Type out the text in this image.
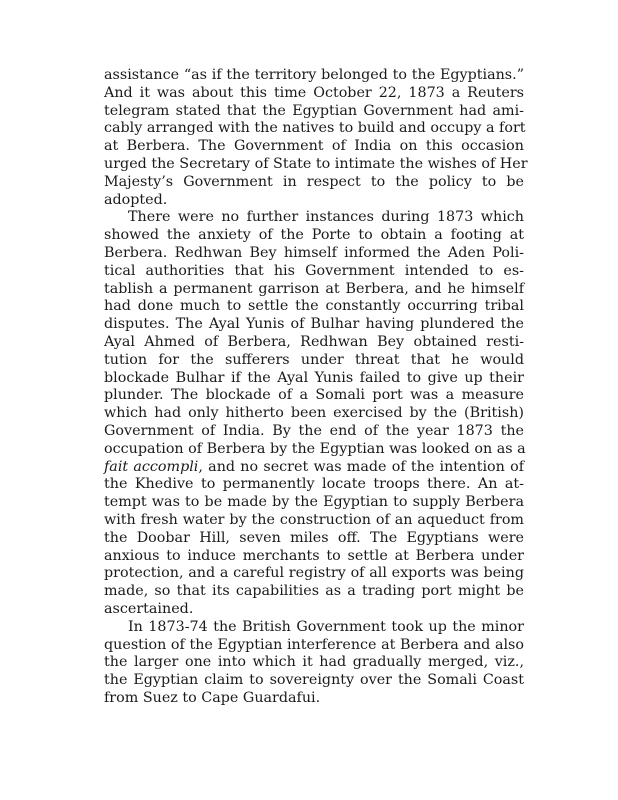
assistance “as if the territory belonged to the Egyptians.”
And it was about this time October 22, 1873 a Reuters
telegram stated that the Egyptian Government had ami-
cably arranged with the natives to build and occupy a fort
at Berbera. The Government of India on this occasion
urged the Secretary of State to intimate the wishes of Her
Majesty’s Government in respect to the policy to be
adopted.
There were no further instances during 1873 which
showed the anxiety of the Porte to obtain a footing at
Berbera. Redhwan Bey himself informed the Aden Poli-
tical authorities that his Government intended to es-
tablish a permanent garrison at Berbera, and he himself
had done much to settle the constantly occurring tribal
disputes. The Ayal Yunis of Bulhar having plundered the
Ayal Ahmed of Berbera, Redhwan Bey obtained resti-
tution for the sufferers under threat that he would
blockade Bulhar if the Ayal Yunis failed to give up their
plunder. The blockade of a Somali port was a measure
which had only hitherto been exercised by the (British)
Government of India. By the end of the year 1873 the
occupation of Berbera by the Egyptian was looked on as a
fait accompli, and no secret was made of the intention of
the Khedive to permanently locate troops there. An at-
tempt was to be made by the Egyptian to supply Berbera
with fresh water by the construction of an aqueduct from
the Doobar Hill, seven miles off. The Egyptians were
anxious to induce merchants to settle at Berbera under
protection, and a careful registry of all exports was being
made, so that its capabilities as a trading port might be
ascertained.
In 1873-74 the British Government took up the minor
question of the Egyptian interference at Berbera and also
the larger one into which it had gradually merged, viz.,
the Egyptian claim to sovereignty over the Somali Coast
from Suez to Cape Guardafui.
